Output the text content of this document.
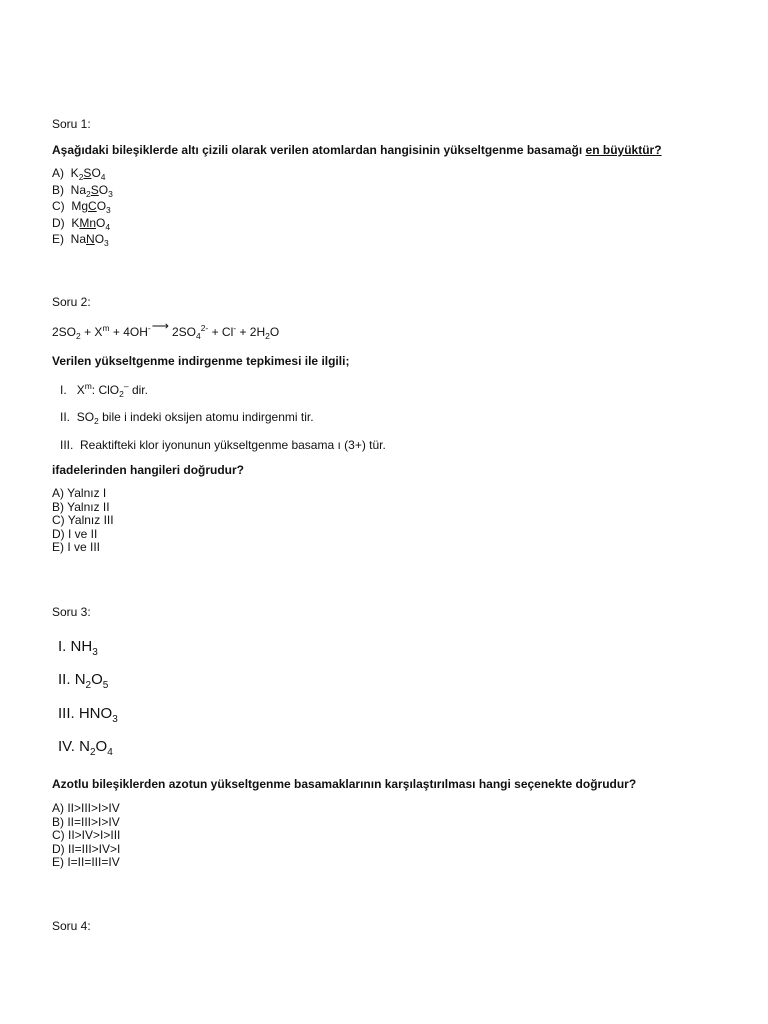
Soru 1:
Aşağıdaki bileşiklerde altı çizili olarak verilen atomlardan hangisinin yükseltgenme basamağı en büyüktür?
A) $K_2SO_4$
B) $Na_2SO_3$
C) MgCO$_3$
D) KMnO$_4$
E) NaNO$_3$
Soru 2:
$2SO_2 + X^m$ + 4OH-⟶ $2SO_4^{2-} + Cl^- + 2H_2O$
Verilen yükseltgenme indirgenme tepkimesi ile ilgili;
I. $X^m$: ClO$_2$– dir.
II. $SO_2$ bile i indeki oksijen atomu indirgenmi tir.
III. Reaktifteki klor iyonunun yükseltgenme basama ı (3+) tür.
ifadelerinden hangileri doğrudur?
A) Yalnız I
B) Yalnız II
C) Yalnız III
D) I ve II
E) I ve III
Soru 3:
I. $NH_3$
II. $N_2O_5$
III. $HNO_3$
IV. $N_2O_4$
Azotlu bileşiklerden azotun yükseltgenme basamaklarının karşılaştırılması hangi seçenekte doğrudur?
A) II>III>I>IV
B) II=III>I>IV
C) II>IV>I>III
D) II=III>IV>I
E) I=II=III=IV
Soru 4:
